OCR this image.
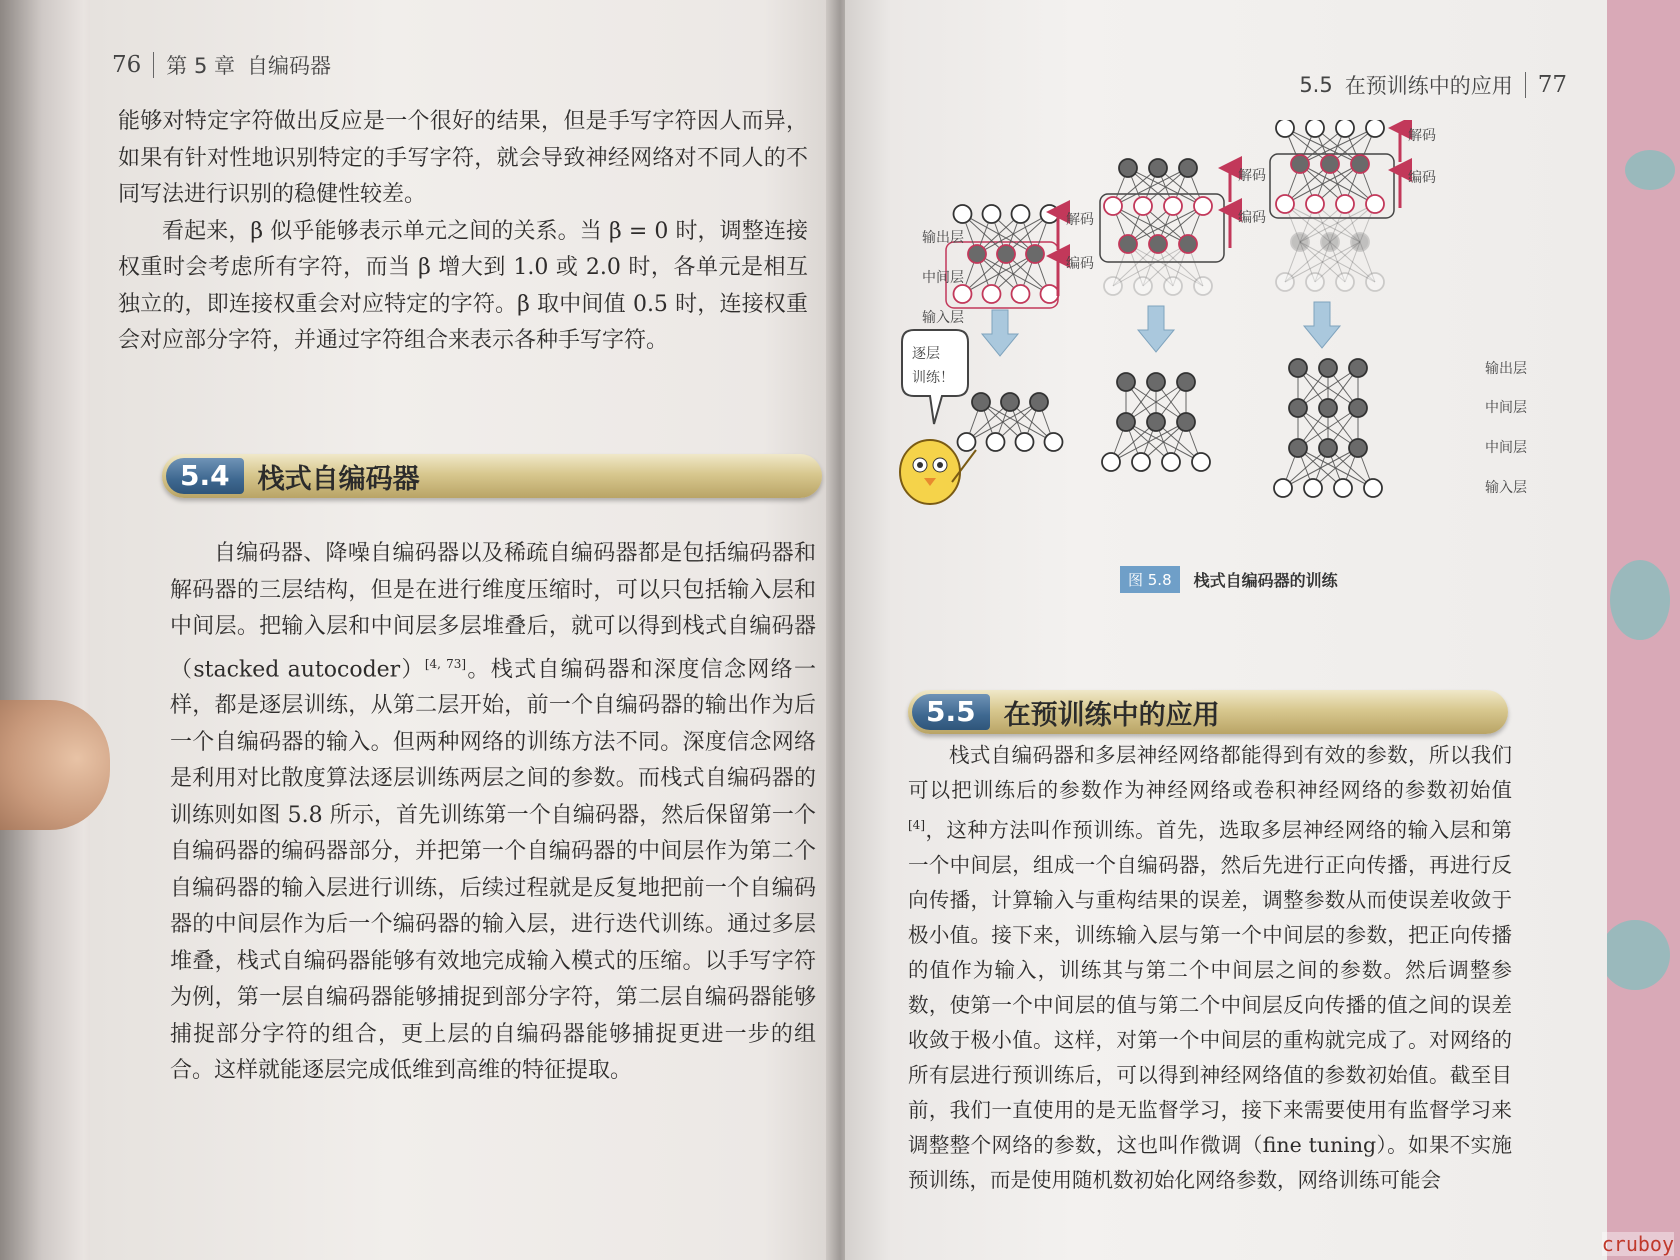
76 第 5 章 自编码器

能够对特定字符做出反应是一个很好的结果，但是手写字符因人而异，如果有针对性地识别特定的手写字符，就会导致神经网络对不同人的不同写法进行识别的稳健性较差。

看起来，β 似乎能够表示单元之间的关系。当 β = 0 时，调整连接权重时会考虑所有字符，而当 β 增大到 1.0 或 2.0 时，各单元是相互独立的，即连接权重会对应特定的字符。β 取中间值 0.5 时，连接权重会对应部分字符，并通过字符组合来表示各种手写字符。

5.4	栈式自编码器

自编码器、降噪自编码器以及稀疏自编码器都是包括编码器和解码器的三层结构，但是在进行维度压缩时，可以只包括输入层和中间层。把输入层和中间层多层堆叠后，就可以得到栈式自编码器（stacked autocoder）[4, 73]。栈式自编码器和深度信念网络一样，都是逐层训练，从第二层开始，前一个自编码器的输出作为后一个自编码器的输入。但两种网络的训练方法不同。深度信念网络是利用对比散度算法逐层训练两层之间的参数。而栈式自编码器的训练则如图 5.8 所示，首先训练第一个自编码器，然后保留第一个自编码器的编码器部分，并把第一个自编码器的中间层作为第二个自编码器的输入层进行训练，后续过程就是反复地把前一个自编码器的中间层作为后一个编码器的输入层，进行迭代训练。通过多层堆叠，栈式自编码器能够有效地完成输入模式的压缩。以手写字符为例，第一层自编码器能够捕捉到部分字符，第二层自编码器能够捕捉部分字符的组合，更上层的自编码器能够捕捉更进一步的组合。这样就能逐层完成低维到高维的特征提取。

5.5 在预训练中的应用 77
解码
编码
解码
编码
解码
编码
输出层
中间层
输入层
输出层
中间层
中间层
输入层
逐层
训练！
图 5.8	栈式自编码器的训练
5.5	在预训练中的应用

栈式自编码器和多层神经网络都能得到有效的参数，所以我们可以把训练后的参数作为神经网络或卷积神经网络的参数初始值[4]，这种方法叫作预训练。首先，选取多层神经网络的输入层和第一个中间层，组成一个自编码器，然后先进行正向传播，再进行反向传播，计算输入与重构结果的误差，调整参数从而使误差收敛于极小值。接下来，训练输入层与第一个中间层的参数，把正向传播的值作为输入，训练其与第二个中间层之间的参数。然后调整参数，使第一个中间层的值与第二个中间层反向传播的值之间的误差收敛于极小值。这样，对第一个中间层的重构就完成了。对网络的所有层进行预训练后，可以得到神经网络值的参数初始值。截至目前，我们一直使用的是无监督学习，接下来需要使用有监督学习来调整整个网络的参数，这也叫作微调（fine tuning）。如果不实施预训练，而是使用随机数初始化网络参数，网络训练可能会

cruboy
